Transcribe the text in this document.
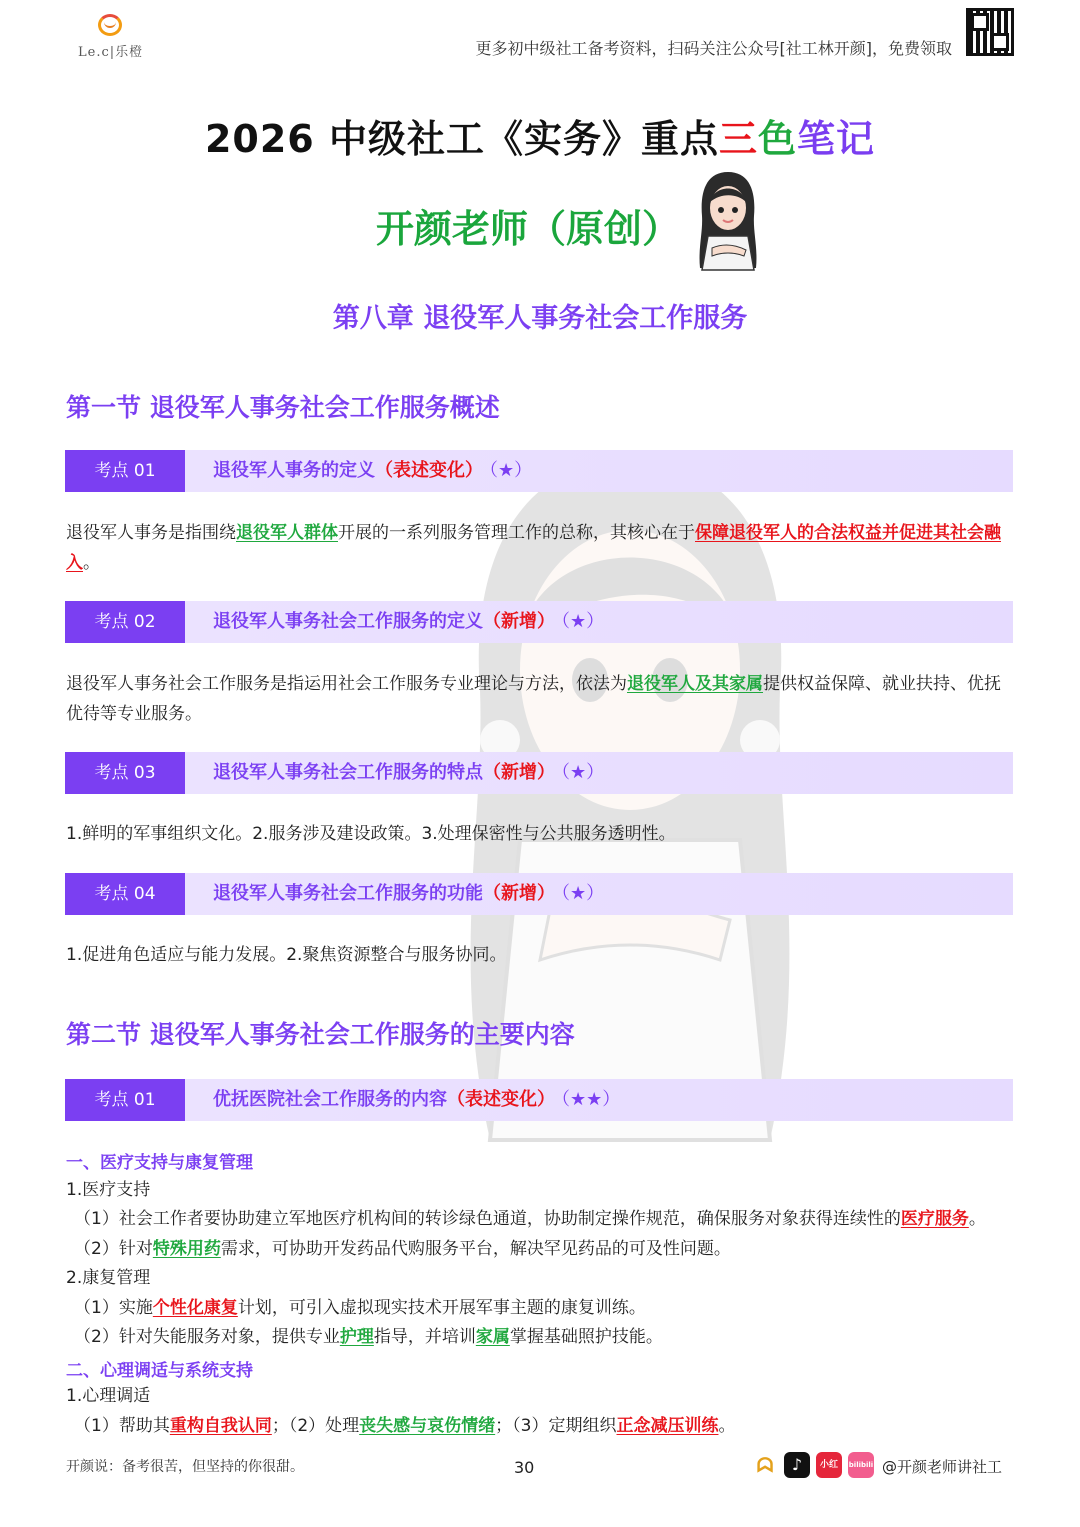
Le.c|乐橙	更多初中级社工备考资料，扫码关注公众号[社工林开颜]，免费领取
2026 中级社工《实务》重点三色笔记
开颜老师（原创）
第八章 退役军人事务社会工作服务
第一节 退役军人事务社会工作服务概述
考点 01	退役军人事务的定义（表述变化） （★）
退役军人事务是指围绕退役军人群体开展的一系列服务管理工作的总称，其核心在于保障退役军人的合法权益并促进其社会融入。
考点 02	退役军人事务社会工作服务的定义（新增） （★）
退役军人事务社会工作服务是指运用社会工作服务专业理论与方法，依法为退役军人及其家属提供权益保障、就业扶持、优抚优待等专业服务。
考点 03	退役军人事务社会工作服务的特点（新增） （★）
1.鲜明的军事组织文化。2.服务涉及建设政策。3.处理保密性与公共服务透明性。
考点 04	退役军人事务社会工作服务的功能（新增） （★）
1.促进角色适应与能力发展。2.聚焦资源整合与服务协同。
第二节 退役军人事务社会工作服务的主要内容
考点 01	优抚医院社会工作服务的内容（表述变化） （★★）
一、医疗支持与康复管理
1.医疗支持
（1）社会工作者要协助建立军地医疗机构间的转诊绿色通道，协助制定操作规范，确保服务对象获得连续性的医疗服务。
（2）针对特殊用药需求，可协助开发药品代购服务平台，解决罕见药品的可及性问题。
2.康复管理
（1）实施个性化康复计划，可引入虚拟现实技术开展军事主题的康复训练。
（2）针对失能服务对象，提供专业护理指导，并培训家属掌握基础照护技能。
二、心理调适与系统支持
1.心理调适
（1）帮助其重构自我认同；（2）处理丧失感与哀伤情绪；（3）定期组织正念减压训练。
开颜说：备考很苦，但坚持的你很甜。	30	ᗣ	♪	小红书
bilibili @开颜老师讲社工
